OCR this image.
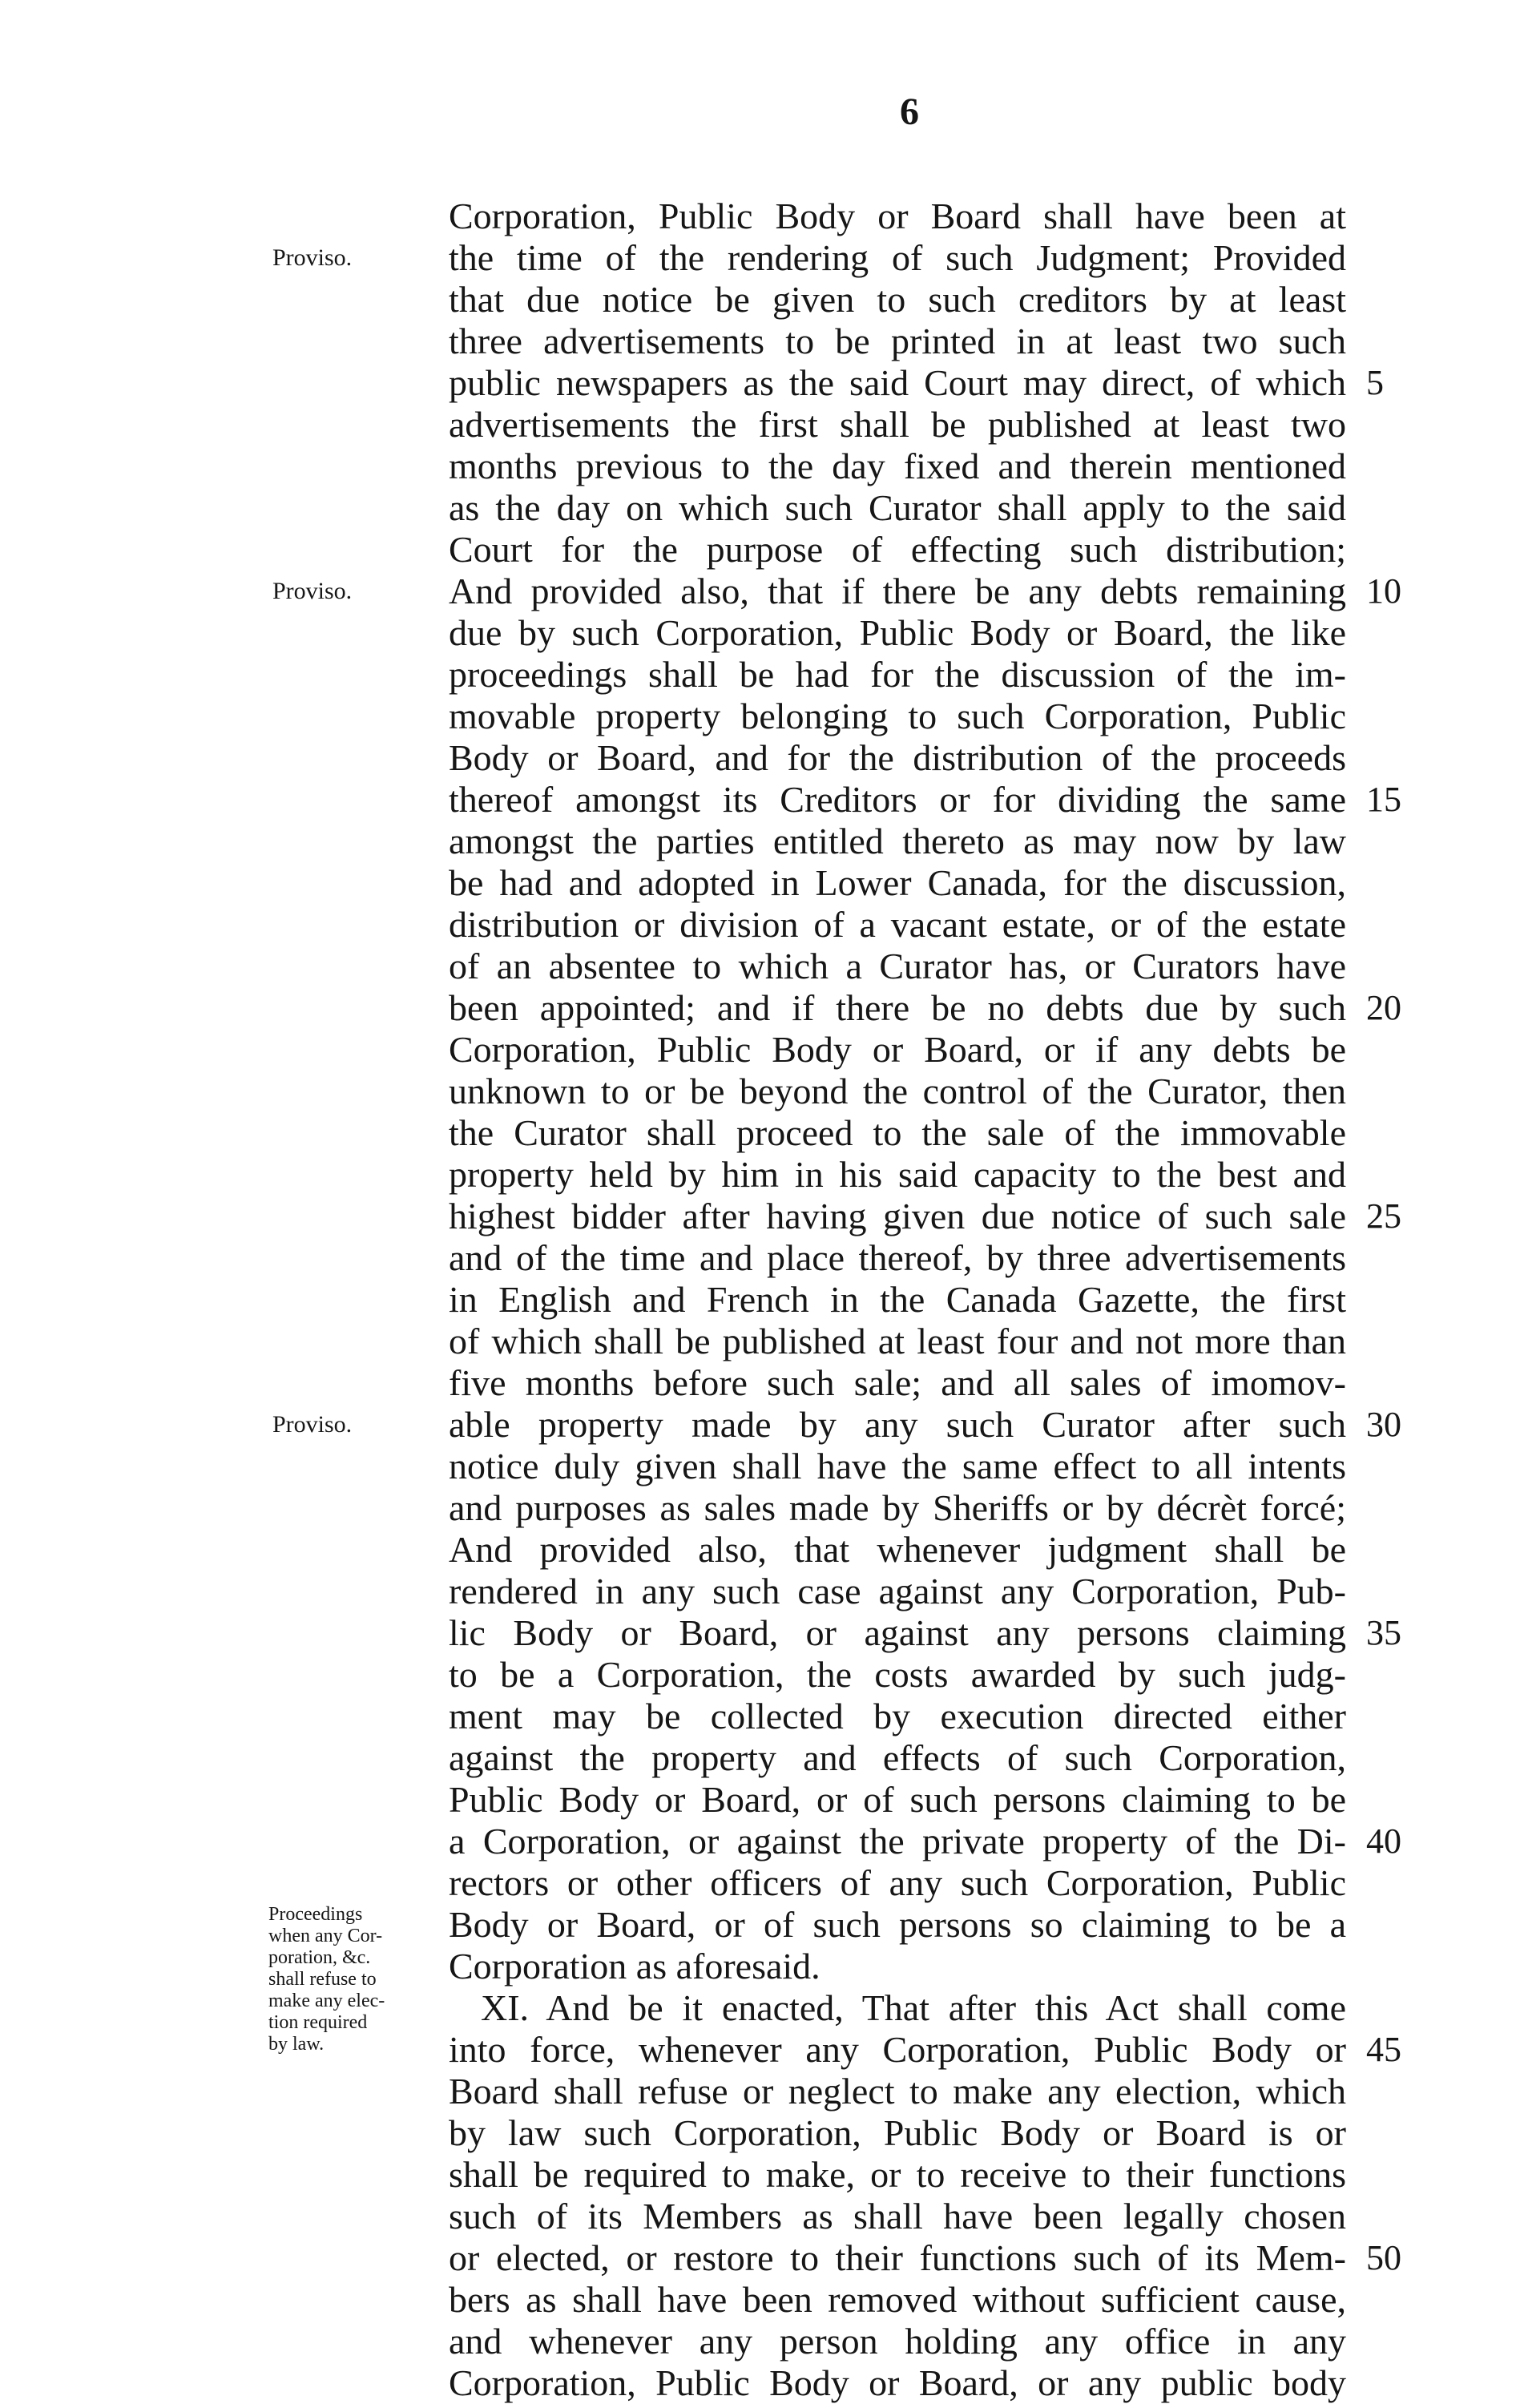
6
Proviso.
Proviso.
Proviso.
Proceedings
when any Cor-
poration, &c.
shall refuse to
make any elec-
tion required
by law.
5
10
15
20
25
30
35
40
45
50
Corporation, Public Body or Board shall have been at
the time of the rendering of such Judgment; Provided
that due notice be given to such creditors by at least
three advertisements to be printed in at least two such
public newspapers as the said Court may direct, of which
advertisements the first shall be published at least two
months previous to the day fixed and therein mentioned
as the day on which such Curator shall apply to the said
Court for the purpose of effecting such distribution;
And provided also, that if there be any debts remaining
due by such Corporation, Public Body or Board, the like
proceedings shall be had for the discussion of the im-
movable property belonging to such Corporation, Public
Body or Board, and for the distribution of the proceeds
thereof amongst its Creditors or for dividing the same
amongst the parties entitled thereto as may now by law
be had and adopted in Lower Canada, for the discussion,
distribution or division of a vacant estate, or of the estate
of an absentee to which a Curator has, or Curators have
been appointed; and if there be no debts due by such
Corporation, Public Body or Board, or if any debts be
unknown to or be beyond the control of the Curator, then
the Curator shall proceed to the sale of the immovable
property held by him in his said capacity to the best and
highest bidder after having given due notice of such sale
and of the time and place thereof, by three advertisements
in English and French in the Canada Gazette, the first
of which shall be published at least four and not more than
five months before such sale; and all sales of imomov-
able property made by any such Curator after such
notice duly given shall have the same effect to all intents
and purposes as sales made by Sheriffs or by décrèt forcé;
And provided also, that whenever judgment shall be
rendered in any such case against any Corporation, Pub-
lic Body or Board, or against any persons claiming
to be a Corporation, the costs awarded by such judg-
ment may be collected by execution directed either
against the property and effects of such Corporation,
Public Body or Board, or of such persons claiming to be
a Corporation, or against the private property of the Di-
rectors or other officers of any such Corporation, Public
Body or Board, or of such persons so claiming to be a
Corporation as aforesaid.
XI. And be it enacted, That after this Act shall come
into force, whenever any Corporation, Public Body or
Board shall refuse or neglect to make any election, which
by law such Corporation, Public Body or Board is or
shall be required to make, or to receive to their functions
such of its Members as shall have been legally chosen
or elected, or restore to their functions such of its Mem-
bers as shall have been removed without sufficient cause,
and whenever any person holding any office in any
Corporation, Public Body or Board, or any public body
